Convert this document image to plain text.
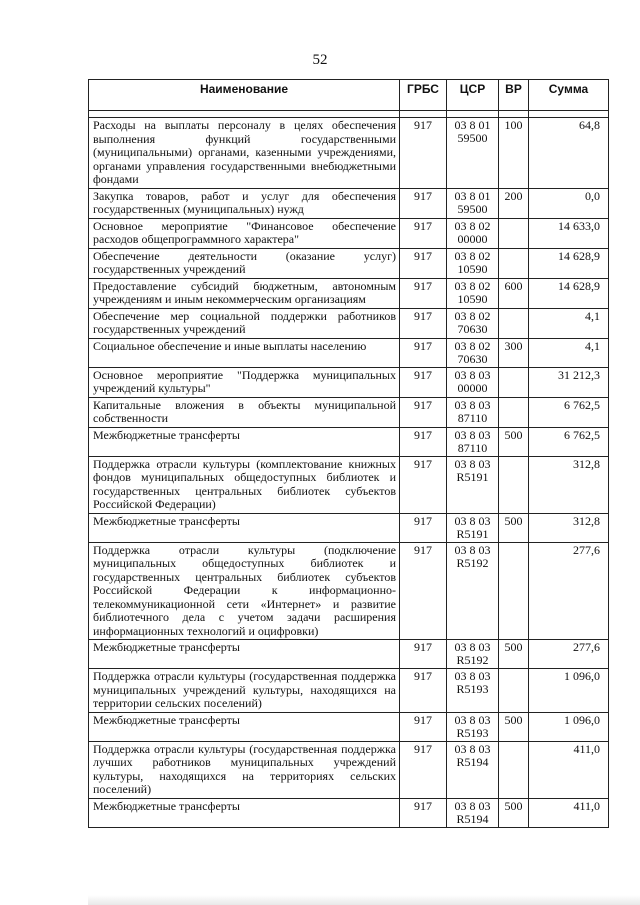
52
Наименование	ГРБС	ЦСР	ВР	Сумма

Расходы на выплаты персоналу в целях обеспечения выполнения функций государственными (муниципальными) органами, казенными учреждениями, органами управления государственными внебюджетными фондами	917	03 8 01 59500	100	64,8
Закупка товаров, работ и услуг для обеспечения государственных (муниципальных) нужд	917	03 8 01 59500	200	0,0
Основное мероприятие "Финансовое обеспечение расходов общепрограммного характера"	917	03 8 02 00000		14 633,0
Обеспечение деятельности (оказание услуг) государственных учреждений	917	03 8 02 10590		14 628,9
Предоставление субсидий бюджетным, автономным учреждениям и иным некоммерческим организациям	917	03 8 02 10590	600	14 628,9
Обеспечение мер социальной поддержки работников государственных учреждений	917	03 8 02 70630		4,1
Социальное обеспечение и иные выплаты населению	917	03 8 02 70630	300	4,1
Основное мероприятие "Поддержка муниципальных учреждений культуры"	917	03 8 03 00000		31 212,3
Капитальные вложения в объекты муниципальной собственности	917	03 8 03 87110		6 762,5
Межбюджетные трансферты	917	03 8 03 87110	500	6 762,5
Поддержка отрасли культуры (комплектование книжных фондов муниципальных общедоступных библиотек и государственных центральных библиотек субъектов Российской Федерации)	917	03 8 03 R5191		312,8
Межбюджетные трансферты	917	03 8 03 R5191	500	312,8
Поддержка отрасли культуры (подключение муниципальных общедоступных библиотек и государственных центральных библиотек субъектов Российской Федерации к информационно-телекоммуникационной сети «Интернет» и развитие библиотечного дела с учетом задачи расширения информационных технологий и оцифровки)	917	03 8 03 R5192		277,6
Межбюджетные трансферты	917	03 8 03 R5192	500	277,6
Поддержка отрасли культуры (государственная поддержка муниципальных учреждений культуры, находящихся на территории сельских поселений)	917	03 8 03 R5193		1 096,0
Межбюджетные трансферты	917	03 8 03 R5193	500	1 096,0
Поддержка отрасли культуры (государственная поддержка лучших работников муниципальных учреждений культуры, находящихся на территориях сельских поселений)	917	03 8 03 R5194		411,0
Межбюджетные трансферты	917	03 8 03 R5194	500	411,0
